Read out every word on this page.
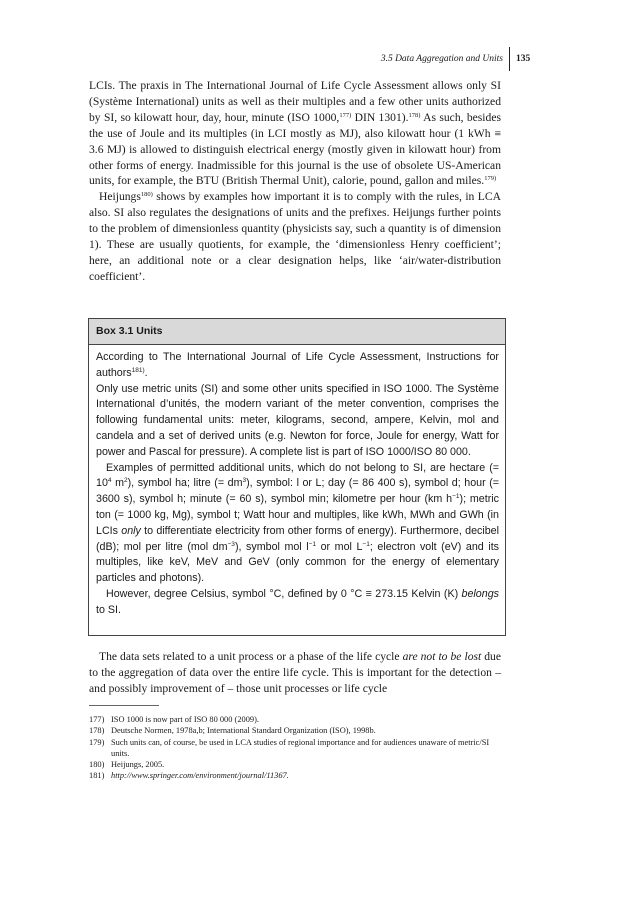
3.5 Data Aggregation and Units 135

LCIs. The praxis in The International Journal of Life Cycle Assessment allows only SI (Système International) units as well as their multiples and a few other units authorized by SI, so kilowatt hour, day, hour, minute (ISO 1000,$^{177)}$ DIN 1301).$^{178)}$ As such, besides the use of Joule and its multiples (in LCI mostly as MJ), also kilowatt hour (1 kWh ≡ 3.6 MJ) is allowed to distinguish electrical energy (mostly given in kilowatt hour) from other forms of energy. Inadmissible for this journal is the use of obsolete US-American units, for example, the BTU (British Thermal Unit), calorie, pound, gallon and miles.$^{179)}$

Heijungs$^{180)}$ shows by examples how important it is to comply with the rules, in LCA also. SI also regulates the designations of units and the prefixes. Heijungs further points to the problem of dimensionless quantity (physicists say, such a quantity is of dimension 1). These are usually quotients, for example, the ‘dimensionless Henry coefficient’; here, an additional note or a clear designation helps, like ‘air/water-distribution coefficient’.

Box 3.1 Units

According to The International Journal of Life Cycle Assessment, Instructions for authors$^{181)}$.

Only use metric units (SI) and some other units specified in ISO 1000. The Système International d’unités, the modern variant of the meter convention, comprises the following fundamental units: meter, kilograms, second, ampere, Kelvin, mol and candela and a set of derived units (e.g. Newton for force, Joule for energy, Watt for power and Pascal for pressure). A complete list is part of ISO 1000/ISO 80 000.

Examples of permitted additional units, which do not belong to SI, are hectare (= $10^4$ $m^2$), symbol ha; litre (= $dm^3$), symbol: l or L; day (= 86 400 s), symbol d; hour (= 3600 s), symbol h; minute (= 60 s), symbol min; kilometre per hour (km $h^{-1}$); metric ton (= 1000 kg, Mg), symbol t; Watt hour and multiples, like kWh, MWh and GWh (in LCIs only to differentiate electricity from other forms of energy). Furthermore, decibel (dB); mol per litre (mol $dm^{-3}$), symbol mol $l^{-1}$ or mol $L^{-1}$; electron volt (eV) and its multiples, like keV, MeV and GeV (only common for the energy of elementary particles and photons).

However, degree Celsius, symbol °C, defined by 0 °C ≡ 273.15 Kelvin (K) belongs to SI.

The data sets related to a unit process or a phase of the life cycle are not to be lost due to the aggregation of data over the entire life cycle. This is important for the detection – and possibly improvement of – those unit processes or life cycle

177) ISO 1000 is now part of ISO 80 000 (2009).
178) Deutsche Normen, 1978a,b; International Standard Organization (ISO), 1998b.
179) Such units can, of course, be used in LCA studies of regional importance and for audiences unaware of metric/SI units.
180) Heijungs, 2005.
181) http://www.springer.com/environment/journal/11367.
